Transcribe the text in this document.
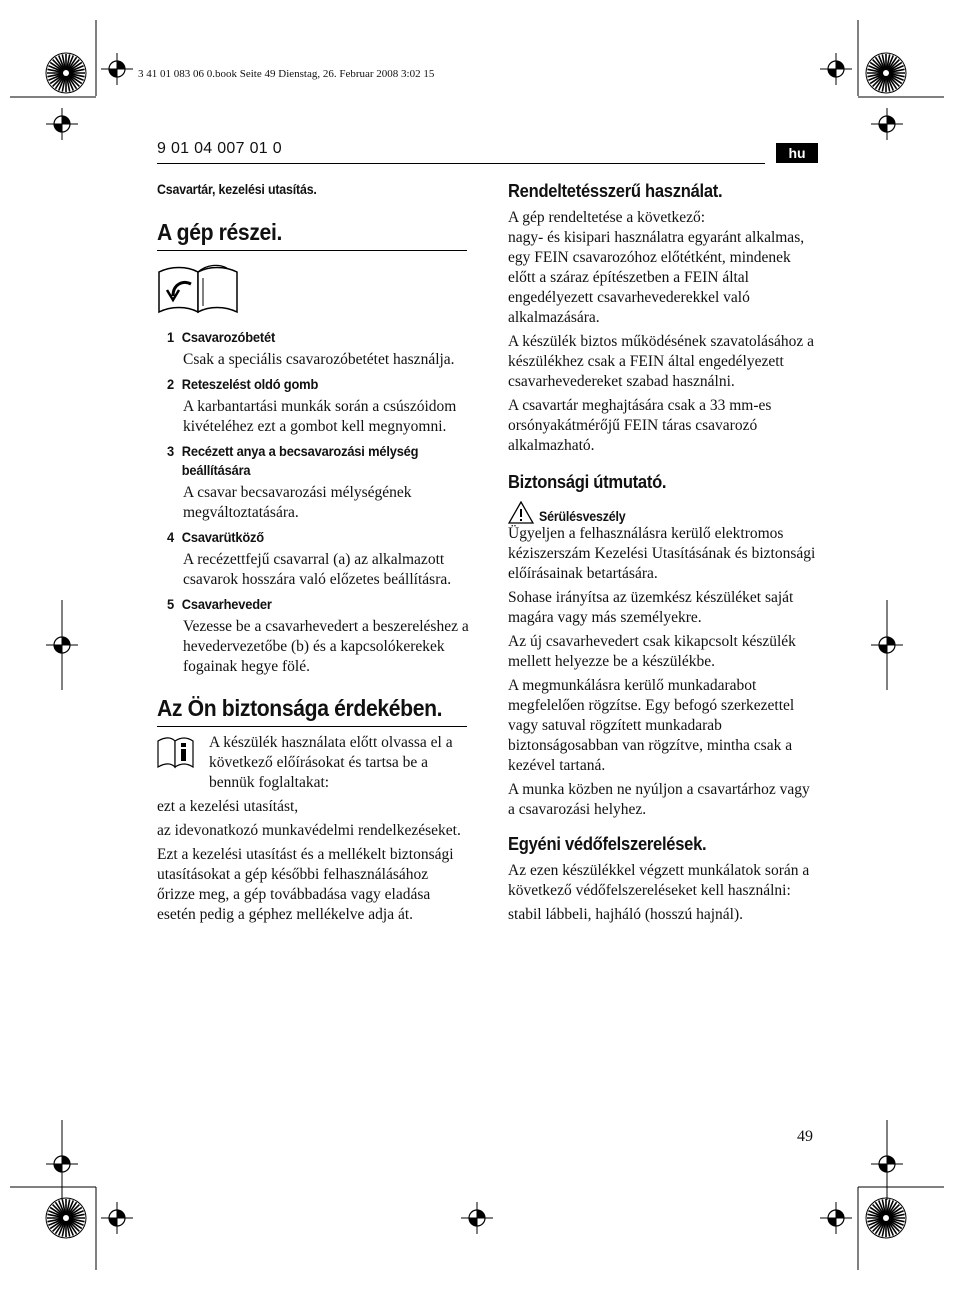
3 41 01 083 06 0.book Seite 49 Dienstag, 26. Februar 2008 3:02 15
9 01 04 007 01 0	hu
Csavartár, kezelési utasítás.
A gép részei.
1 Csavarozóbetét
Csak a speciális csavarozóbetétet használja.
2 Reteszelést oldó gomb
A karbantartási munkák során a csúszóidom kivételéhez ezt a gombot kell megnyomni.
3 Recézett anya a becsavarozási mélység beállítására
A csavar becsavarozási mélységének megváltoztatására.
4 Csavarütköző
A recézettfejű csavarral (a) az alkalmazott csavarok hosszára való előzetes beállításra.
5 Csavarheveder
Vezesse be a csavarhevedert a beszereléshez a hevedervezetőbe (b) és a kapcsolókerekek fogainak hegye fölé.
Az Ön biztonsága érdekében.
A készülék használata előtt olvassa el a következő előírásokat és tartsa be a bennük foglaltakat:

ezt a kezelési utasítást,

az idevonatkozó munkavédelmi rendelkezéseket.

Ezt a kezelési utasítást és a mellékelt biztonsági utasításokat a gép későbbi felhasználásához őrizze meg, a gép továbbadása vagy eladása esetén pedig a géphez mellékelve adja át.

Rendeltetésszerű használat.

A gép rendeltetése a következő:
nagy- és kisipari használatra egyaránt alkalmas,
egy FEIN csavarozóhoz előtétként, mindenek előtt a száraz építészetben a FEIN által engedélyezett csavarhevederekkel való alkalmazására.

A készülék biztos működésének szavatolásához a készülékhez csak a FEIN által engedélyezett csavarhevedereket szabad használni.

A csavartár meghajtására csak a 33 mm-es orsónyakátmérőjű FEIN táras csavarozó alkalmazható.

Biztonsági útmutató.
Sérülésveszély

Ügyeljen a felhasználásra kerülő elektromos kéziszerszám Kezelési Utasításának és biztonsági előírásainak betartására.

Sohase irányítsa az üzemkész készüléket saját magára vagy más személyekre.

Az új csavarhevedert csak kikapcsolt készülék mellett helyezze be a készülékbe.

A megmunkálásra kerülő munkadarabot megfelelően rögzítse. Egy befogó szerkezettel vagy satuval rögzített munkadarab biztonságosabban van rögzítve, mintha csak a kezével tartaná.

A munka közben ne nyúljon a csavartárhoz vagy a csavarozási helyhez.

Egyéni védőfelszerelések.

Az ezen készülékkel végzett munkálatok során a következő védőfelszereléseket kell használni:

stabil lábbeli, hajháló (hosszú hajnál).

49
